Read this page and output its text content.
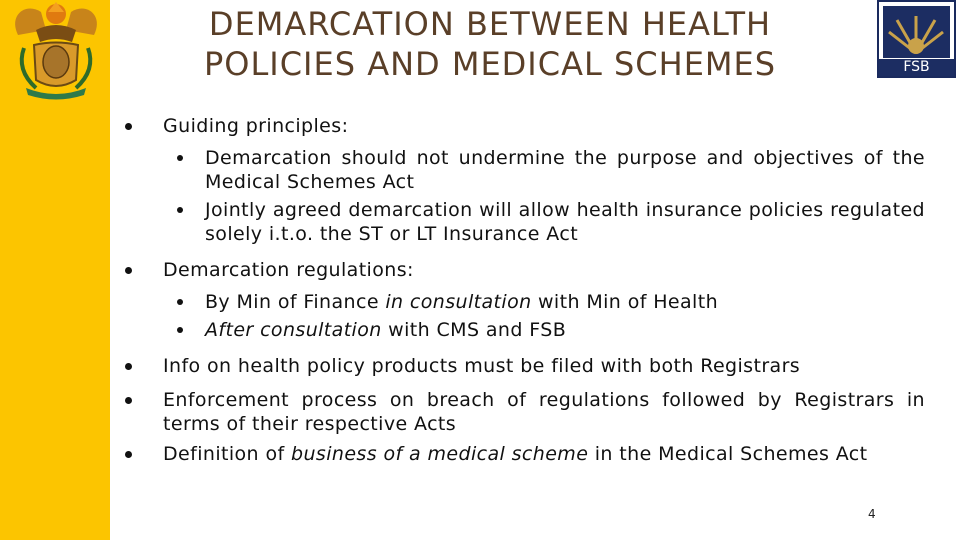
DEMARCATION BETWEEN HEALTH
POLICIES AND MEDICAL SCHEMES	FSB
Guiding principles:
Demarcation should not undermine the purpose and objectives of the Medical Schemes Act
Jointly agreed demarcation will allow health insurance policies regulated solely i.t.o. the ST or LT Insurance Act
Demarcation regulations:
By Min of Finance in consultation with Min of Health
After consultation with CMS and FSB
Info on health policy products must be filed with both Registrars
Enforcement process on breach of regulations followed by Registrars in terms of their respective Acts
Definition of business of a medical scheme in the Medical Schemes Act
4
